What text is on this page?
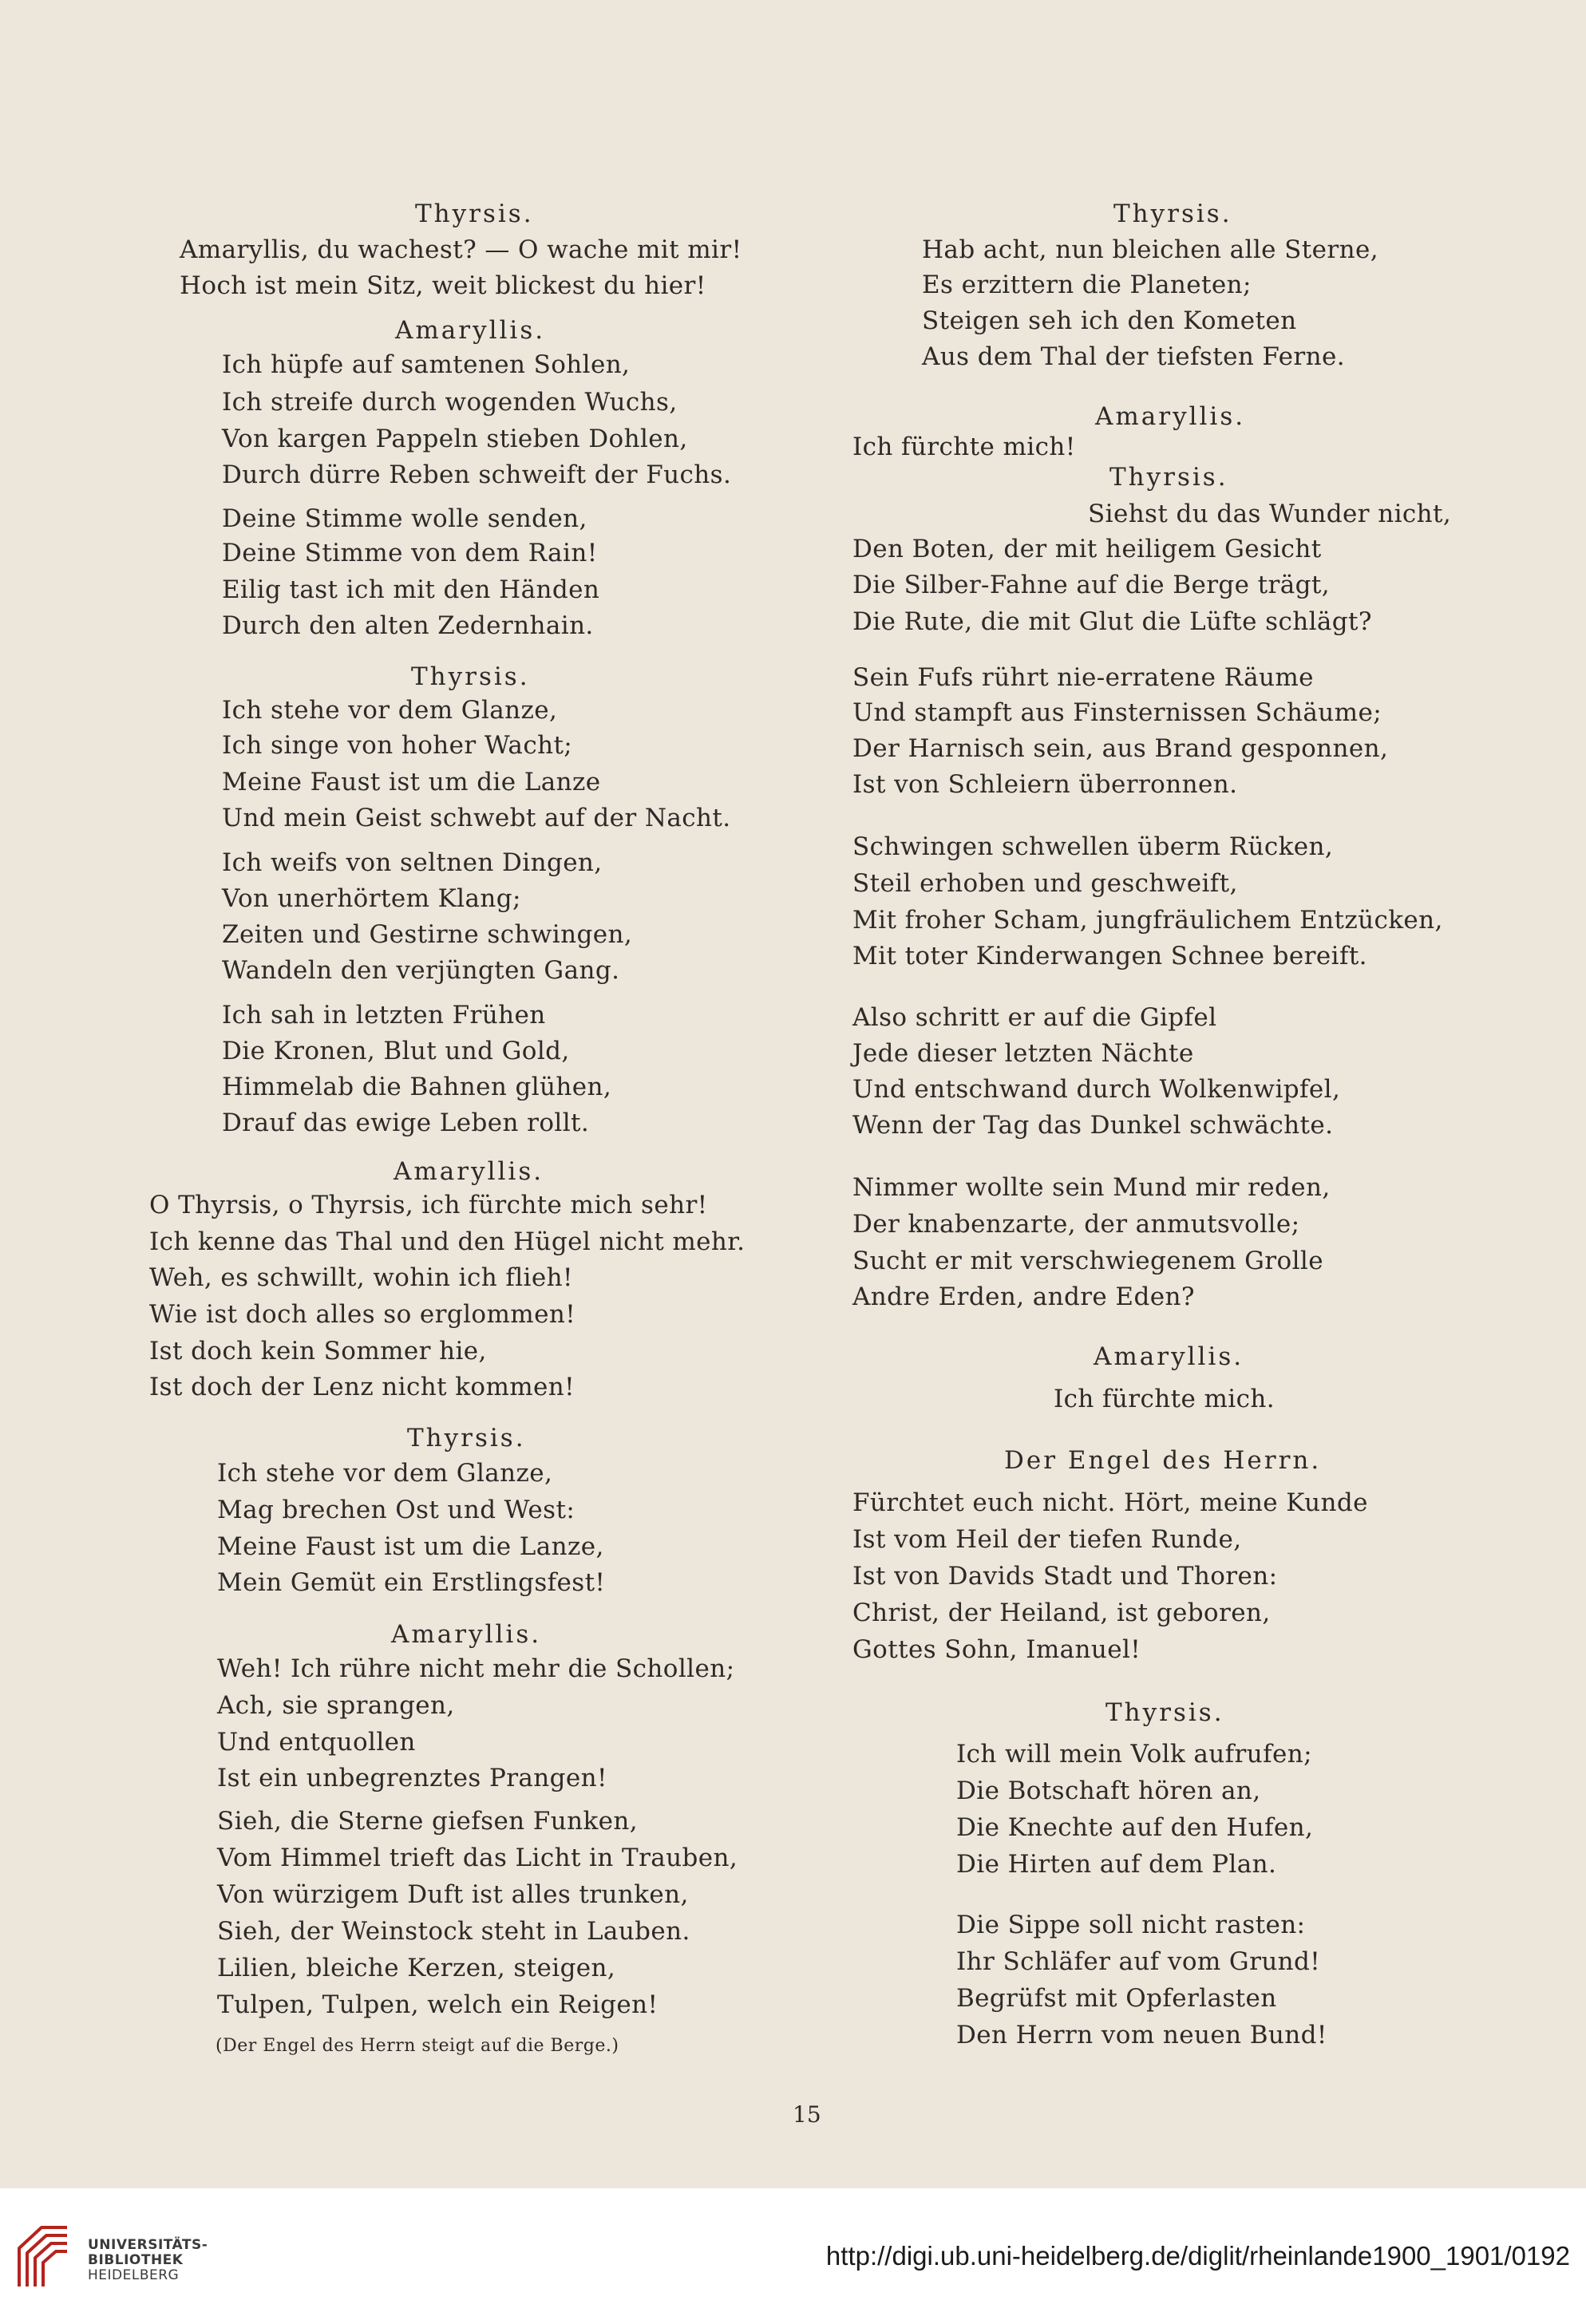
Thyrsis.
Amaryllis, du wachest? — O wache mit mir!
Hoch ist mein Sitz, weit blickest du hier!
Amaryllis.
Ich hüpfe auf samtenen Sohlen,
Ich streife durch wogenden Wuchs,
Von kargen Pappeln stieben Dohlen,
Durch dürre Reben schweift der Fuchs.
Deine Stimme wolle senden,
Deine Stimme von dem Rain!
Eilig tast ich mit den Händen
Durch den alten Zedernhain.
Thyrsis.
Ich stehe vor dem Glanze,
Ich singe von hoher Wacht;
Meine Faust ist um die Lanze
Und mein Geist schwebt auf der Nacht.
Ich weifs von seltnen Dingen,
Von unerhörtem Klang;
Zeiten und Gestirne schwingen,
Wandeln den verjüngten Gang.
Ich sah in letzten Frühen
Die Kronen, Blut und Gold,
Himmelab die Bahnen glühen,
Drauf das ewige Leben rollt.
Amaryllis.
O Thyrsis, o Thyrsis, ich fürchte mich sehr!
Ich kenne das Thal und den Hügel nicht mehr.
Weh, es schwillt, wohin ich flieh!
Wie ist doch alles so erglommen!
Ist doch kein Sommer hie,
Ist doch der Lenz nicht kommen!
Thyrsis.
Ich stehe vor dem Glanze,
Mag brechen Ost und West:
Meine Faust ist um die Lanze,
Mein Gemüt ein Erstlingsfest!
Amaryllis.
Weh! Ich rühre nicht mehr die Schollen;
Ach, sie sprangen,
Und entquollen
Ist ein unbegrenztes Prangen!
Sieh, die Sterne giefsen Funken,
Vom Himmel trieft das Licht in Trauben,
Von würzigem Duft ist alles trunken,
Sieh, der Weinstock steht in Lauben.
Lilien, bleiche Kerzen, steigen,
Tulpen, Tulpen, welch ein Reigen!
(Der Engel des Herrn steigt auf die Berge.)
Thyrsis.
Hab acht, nun bleichen alle Sterne,
Es erzittern die Planeten;
Steigen seh ich den Kometen
Aus dem Thal der tiefsten Ferne.
Amaryllis.
Ich fürchte mich!
Thyrsis.
Siehst du das Wunder nicht,
Den Boten, der mit heiligem Gesicht
Die Silber-Fahne auf die Berge trägt,
Die Rute, die mit Glut die Lüfte schlägt?
Sein Fufs rührt nie-erratene Räume
Und stampft aus Finsternissen Schäume;
Der Harnisch sein, aus Brand gesponnen,
Ist von Schleiern überronnen.
Schwingen schwellen überm Rücken,
Steil erhoben und geschweift,
Mit froher Scham, jungfräulichem Entzücken,
Mit toter Kinderwangen Schnee bereift.
Also schritt er auf die Gipfel
Jede dieser letzten Nächte
Und entschwand durch Wolkenwipfel,
Wenn der Tag das Dunkel schwächte.
Nimmer wollte sein Mund mir reden,
Der knabenzarte, der anmutsvolle;
Sucht er mit verschwiegenem Grolle
Andre Erden, andre Eden?
Amaryllis.
Ich fürchte mich.
Der Engel des Herrn.
Fürchtet euch nicht. Hört, meine Kunde
Ist vom Heil der tiefen Runde,
Ist von Davids Stadt und Thoren:
Christ, der Heiland, ist geboren,
Gottes Sohn, Imanuel!
Thyrsis.
Ich will mein Volk aufrufen;
Die Botschaft hören an,
Die Knechte auf den Hufen,
Die Hirten auf dem Plan.
Die Sippe soll nicht rasten:
Ihr Schläfer auf vom Grund!
Begrüfst mit Opferlasten
Den Herrn vom neuen Bund!
15
UNIVERSITÄTS-
BIBLIOTHEK
HEIDELBERG
http://digi.ub.uni-heidelberg.de/diglit/rheinlande1900_1901/0192
